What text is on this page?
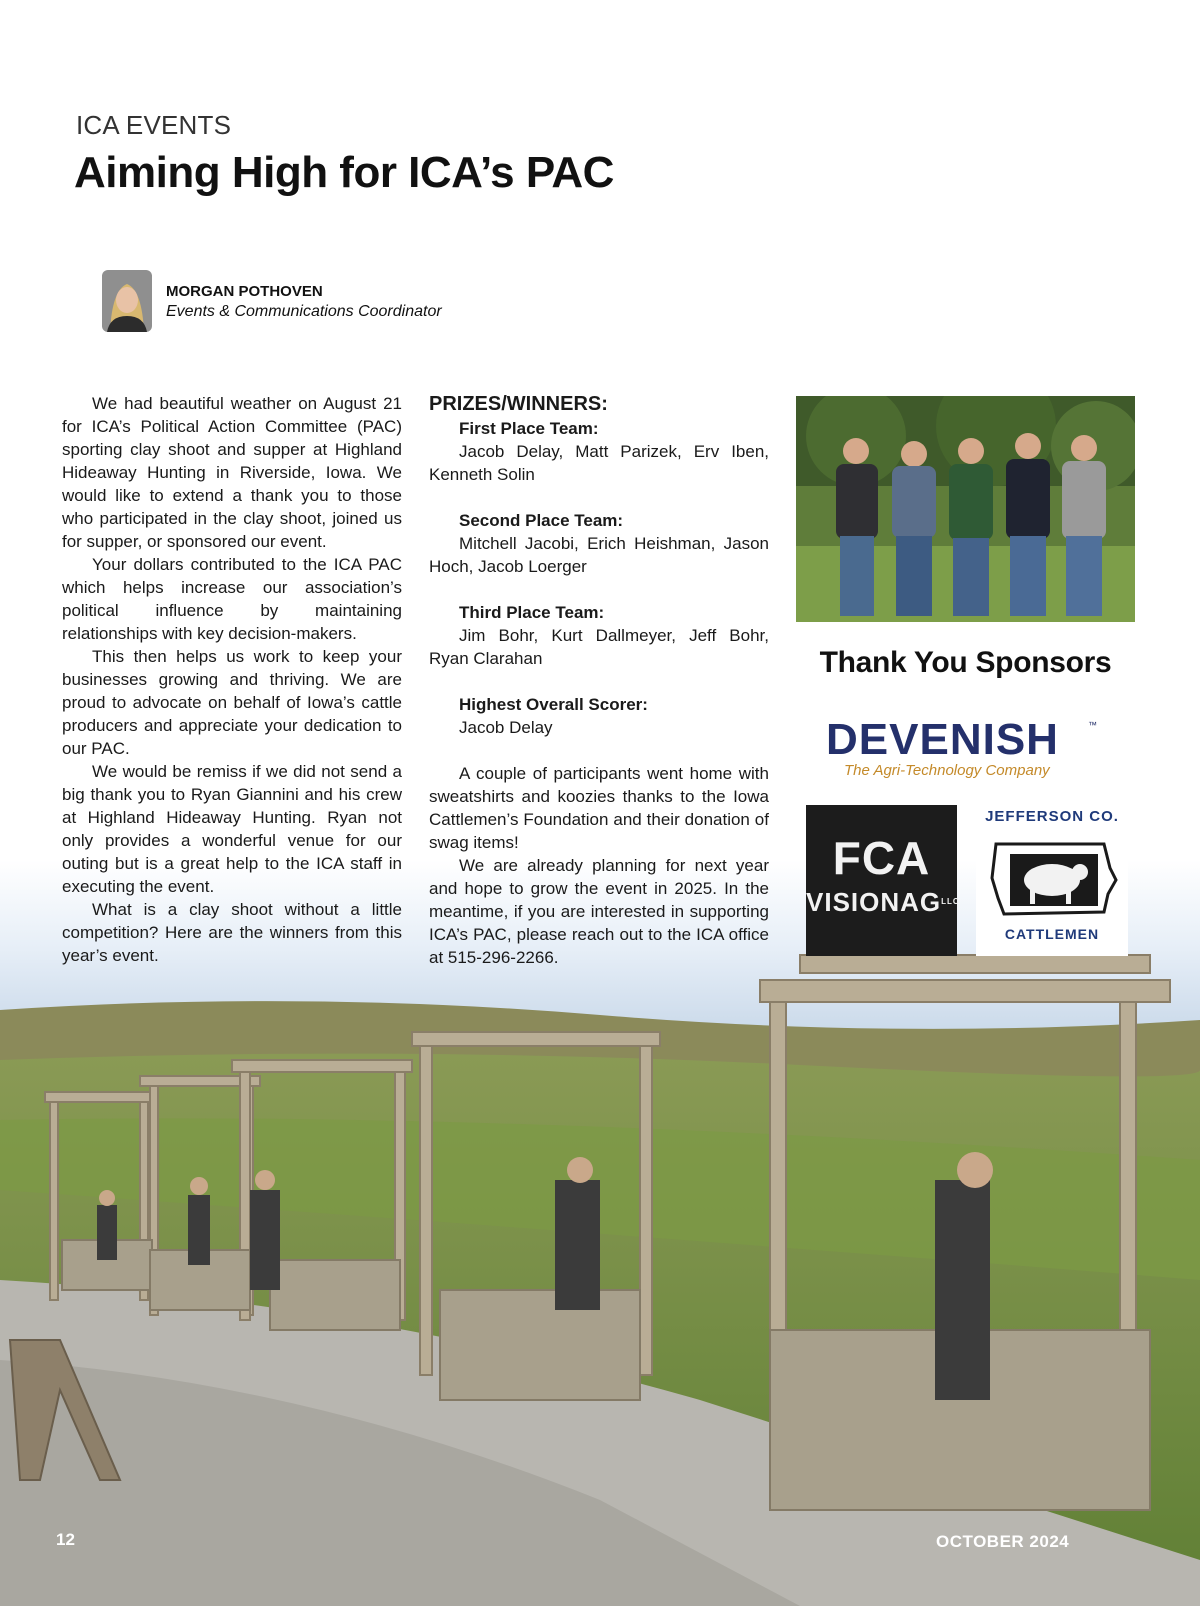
ICA EVENTS
Aiming High for ICA’s PAC
MORGAN POTHOVEN
Events & Communications Coordinator

We had beautiful weather on August 21 for ICA’s Political Action Committee (PAC) sporting clay shoot and supper at Highland Hideaway Hunting in Riverside, Iowa. We would like to extend a thank you to those who participated in the clay shoot, joined us for supper, or sponsored our event.

Your dollars contributed to the ICA PAC which helps increase our association’s political influence by maintaining relationships with key decision-makers.

This then helps us work to keep your businesses growing and thriving. We are proud to advocate on behalf of Iowa’s cattle producers and appreciate your dedication to our PAC.

We would be remiss if we did not send a big thank you to Ryan Giannini and his crew at Highland Hideaway Hunting. Ryan not only provides a wonderful venue for our outing but is a great help to the ICA staff in executing the event.

What is a clay shoot without a little competition? Here are the winners from this year’s event.

PRIZES/WINNERS:
First Place Team:

Jacob Delay, Matt Parizek, Erv Iben, Kenneth Solin

Second Place Team:

Mitchell Jacobi, Erich Heishman, Jason Hoch, Jacob Loerger

Third Place Team:

Jim Bohr, Kurt Dallmeyer, Jeff Bohr, Ryan Clarahan

Highest Overall Scorer:

Jacob Delay

A couple of participants went home with sweatshirts and koozies thanks to the Iowa Cattlemen’s Foundation and their donation of swag items!

We are already planning for next year and hope to grow the event in 2025. In the meantime, if you are interested in supporting ICA’s PAC, please reach out to the ICA office at 515-296-2266.

Thank You Sponsors
DEVENISH	™
The Agri-Technology Company
FCA
$VISIONAG^{LLC}$
JEFFERSON CO.
CATTLEMEN
12	OCTOBER 2024
